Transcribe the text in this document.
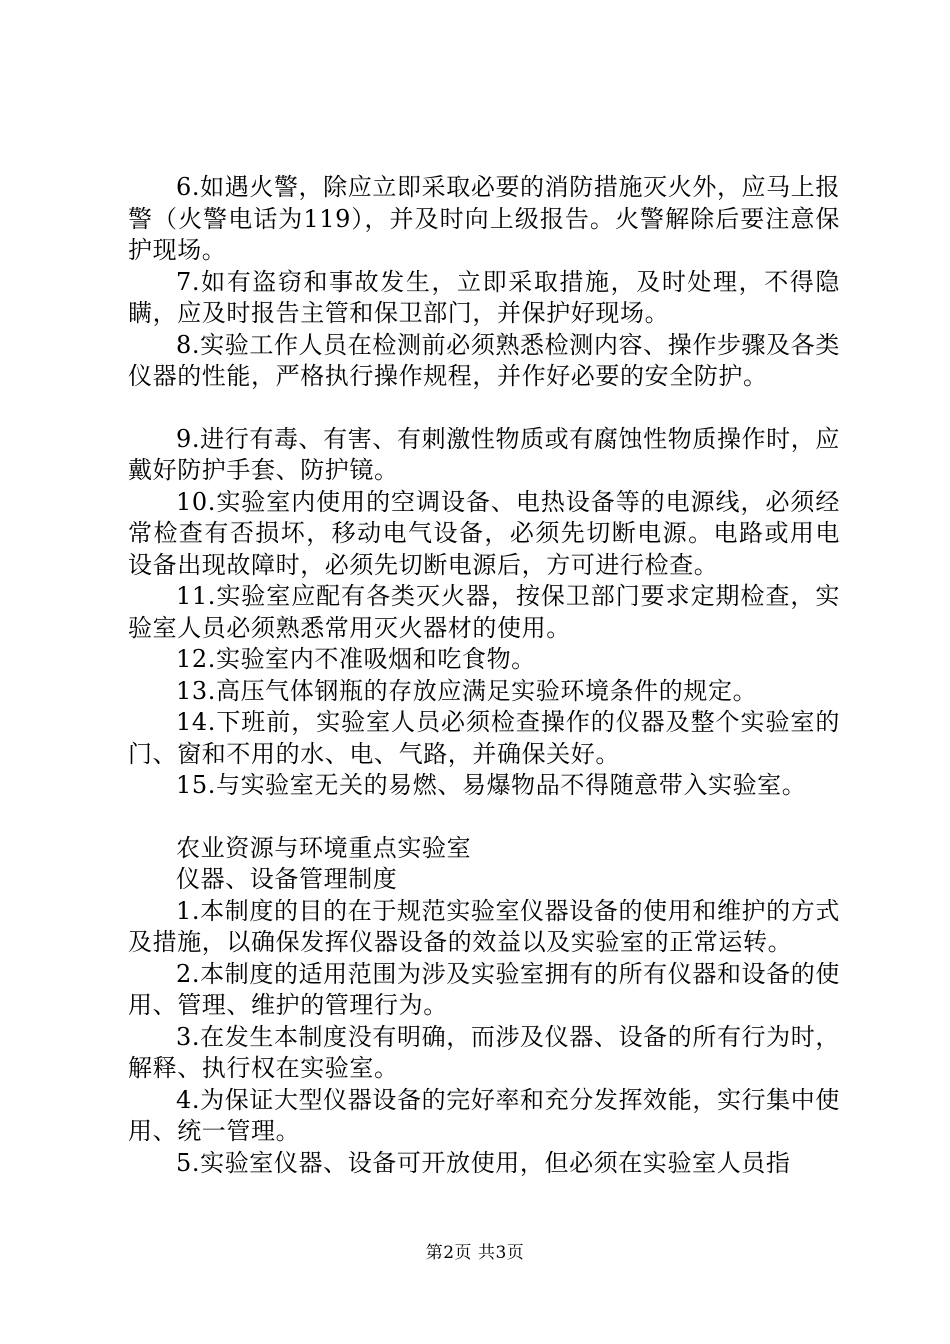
6.如遇火警，除应立即采取必要的消防措施灭火外，应马上报警（火警电话为119），并及时向上级报告。火警解除后要注意保护现场。

7.如有盗窃和事故发生，立即采取措施，及时处理，不得隐瞒，应及时报告主管和保卫部门，并保护好现场。

8.实验工作人员在检测前必须熟悉检测内容、操作步骤及各类仪器的性能，严格执行操作规程，并作好必要的安全防护。

9.进行有毒、有害、有刺激性物质或有腐蚀性物质操作时，应戴好防护手套、防护镜。

10.实验室内使用的空调设备、电热设备等的电源线，必须经常检查有否损坏，移动电气设备，必须先切断电源。电路或用电设备出现故障时，必须先切断电源后，方可进行检查。

11.实验室应配有各类灭火器，按保卫部门要求定期检查，实验室人员必须熟悉常用灭火器材的使用。

12.实验室内不准吸烟和吃食物。

13.高压气体钢瓶的存放应满足实验环境条件的规定。

14.下班前，实验室人员必须检查操作的仪器及整个实验室的门、窗和不用的水、电、气路，并确保关好。

15.与实验室无关的易燃、易爆物品不得随意带入实验室。

农业资源与环境重点实验室

仪器、设备管理制度

1.本制度的目的在于规范实验室仪器设备的使用和维护的方式及措施，以确保发挥仪器设备的效益以及实验室的正常运转。

2.本制度的适用范围为涉及实验室拥有的所有仪器和设备的使用、管理、维护的管理行为。

3.在发生本制度没有明确，而涉及仪器、设备的所有行为时，解释、执行权在实验室。

4.为保证大型仪器设备的完好率和充分发挥效能，实行集中使用、统一管理。

5.实验室仪器、设备可开放使用，但必须在实验室人员指

第2页 共3页
